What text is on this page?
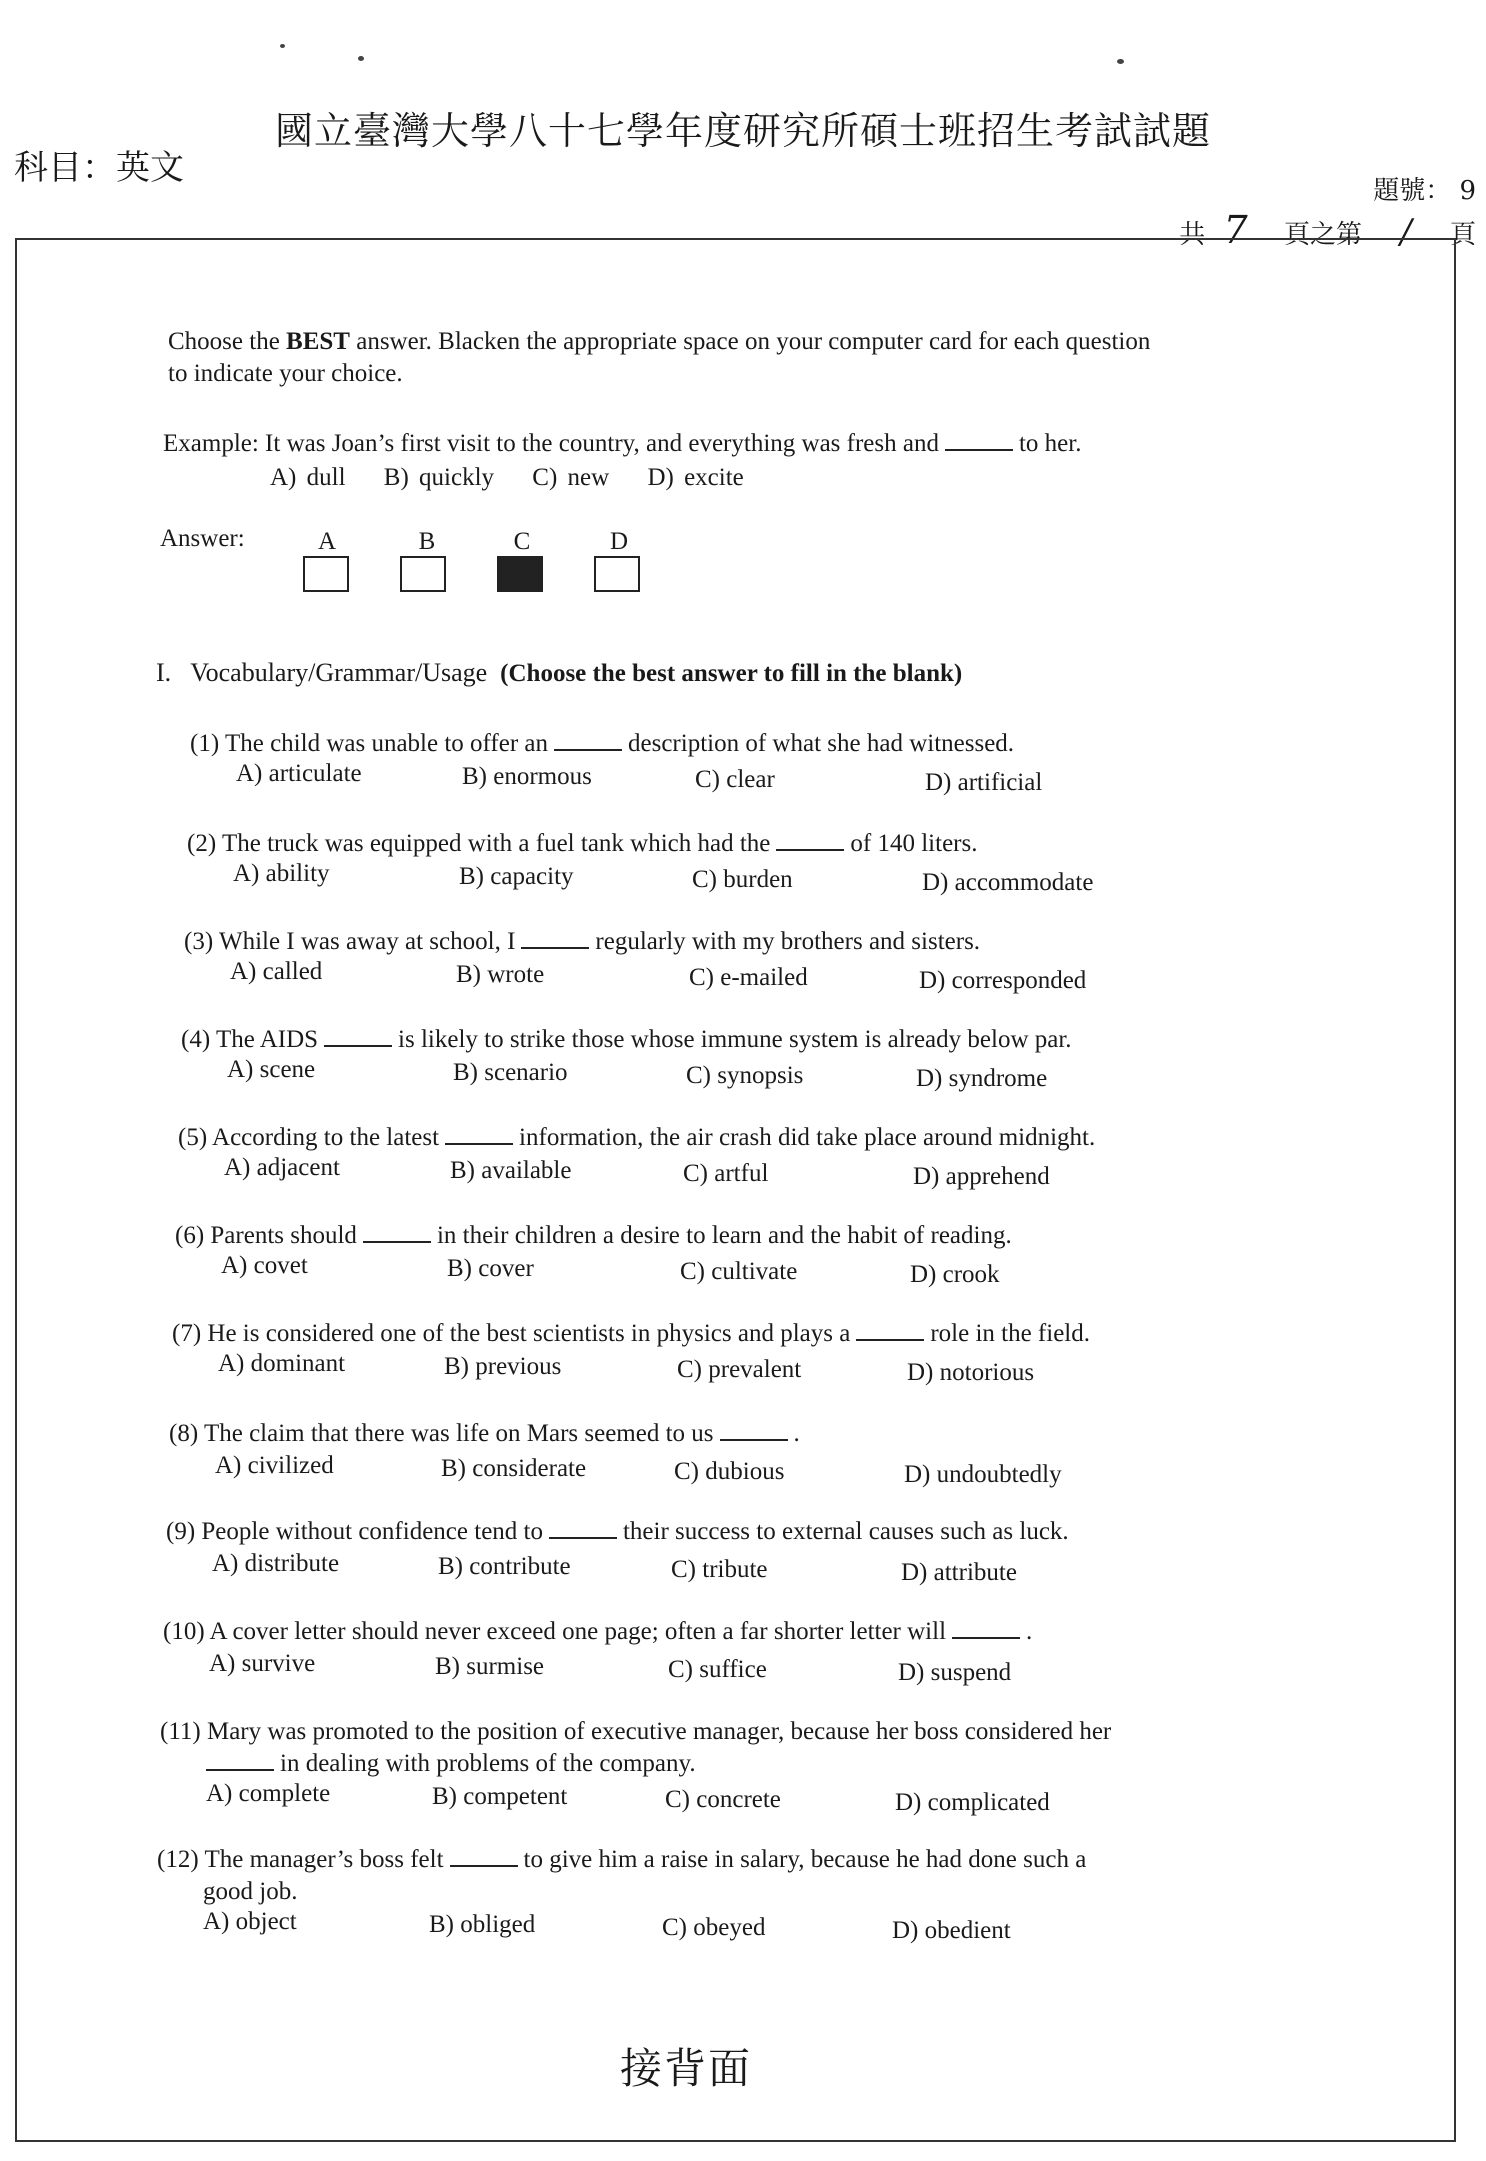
國立臺灣大學八十七學年度研究所碩士班招生考試試題
科目：英文
題號： 9
共 7 頁之第 / 頁
Choose the BEST answer. Blacken the appropriate space on your computer card for each question
to indicate your choice.
Example: It was Joan’s first visit to the country, and everything was fresh and	to her.
A) dull B) quickly C) new D) excite
Answer:	A	B	C	D
I. Vocabulary/Grammar/Usage (Choose the best answer to fill in the blank)
(1) The child was unable to offer an	description of what she had witnessed.
A) articulate	B) enormous	C) clear	D) artificial
(2) The truck was equipped with a fuel tank which had the	of 140 liters.
A) ability	B) capacity	C) burden	D) accommodate
(3) While I was away at school, I	regularly with my brothers and sisters.
A) called	B) wrote	C) e-mailed	D) corresponded
(4) The AIDS	is likely to strike those whose immune system is already below par.
A) scene	B) scenario	C) synopsis	D) syndrome
(5) According to the latest	information, the air crash did take place around midnight.
A) adjacent	B) available	C) artful	D) apprehend
(6) Parents should	in their children a desire to learn and the habit of reading.
A) covet	B) cover	C) cultivate	D) crook
(7) He is considered one of the best scientists in physics and plays a	role in the field.
A) dominant	B) previous	C) prevalent	D) notorious
(8) The claim that there was life on Mars seemed to us	.
A) civilized	B) considerate	C) dubious	D) undoubtedly
(9) People without confidence tend to	their success to external causes such as luck.
A) distribute	B) contribute	C) tribute	D) attribute
(10) A cover letter should never exceed one page; often a far shorter letter will	.
A) survive	B) surmise	C) suffice	D) suspend
(11) Mary was promoted to the position of executive manager, because her boss considered her
in dealing with problems of the company.
A) complete	B) competent	C) concrete	D) complicated
(12) The manager’s boss felt	to give him a raise in salary, because he had done such a
good job.
A) object	B) obliged	C) obeyed	D) obedient
接背面
